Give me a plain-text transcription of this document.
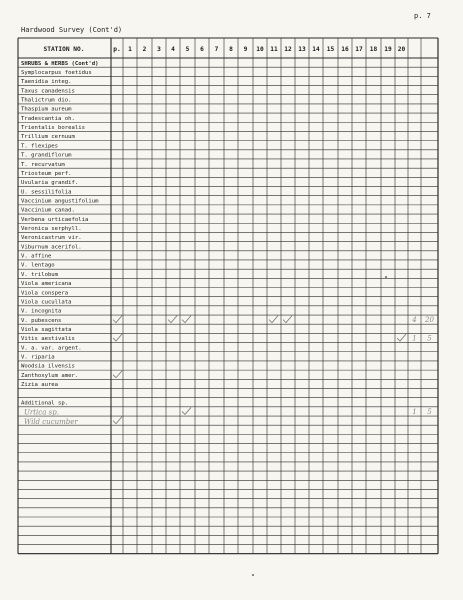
p. 7
Hardwood Survey (Cont'd)
STATION NO.	p. 1 2 3 4 5 6 7 8 9 10 11 12 13 14 15 16 17 18 19 20
SHRUBS & HERBS (Cont'd)
Symplocarpus foetidus
Taenidia integ.
Taxus canadensis
Thalictrum dio.
Thaspium aureum
Tradescantia oh.
Trientalis borealis
Trillium cernuum
T. flexipes
T. grandiflorum
T. recurvatum
Triosteum perf.
Uvularia grandif.
U. sessilifolia
Vaccinium angustifolium
Vaccinium canad.
Verbena urticaefolia
Veronica serphyll.
Veronicastrum vir.
Viburnum acerifol.
V. affine
V. lentago
V. trilobum
Viola americana
Viola conspera
Viola cucullata
V. incognita
V. pubescens
Viola sagittata
Vitis aestivalis
V. a. var. argent.
V. riparia
Woodsia ilvensis
Zanthoxylum amer.
Zizia aurea
Additional sp.
Urtica sp.
Wild cucumber
4 20
1 5
1 5
